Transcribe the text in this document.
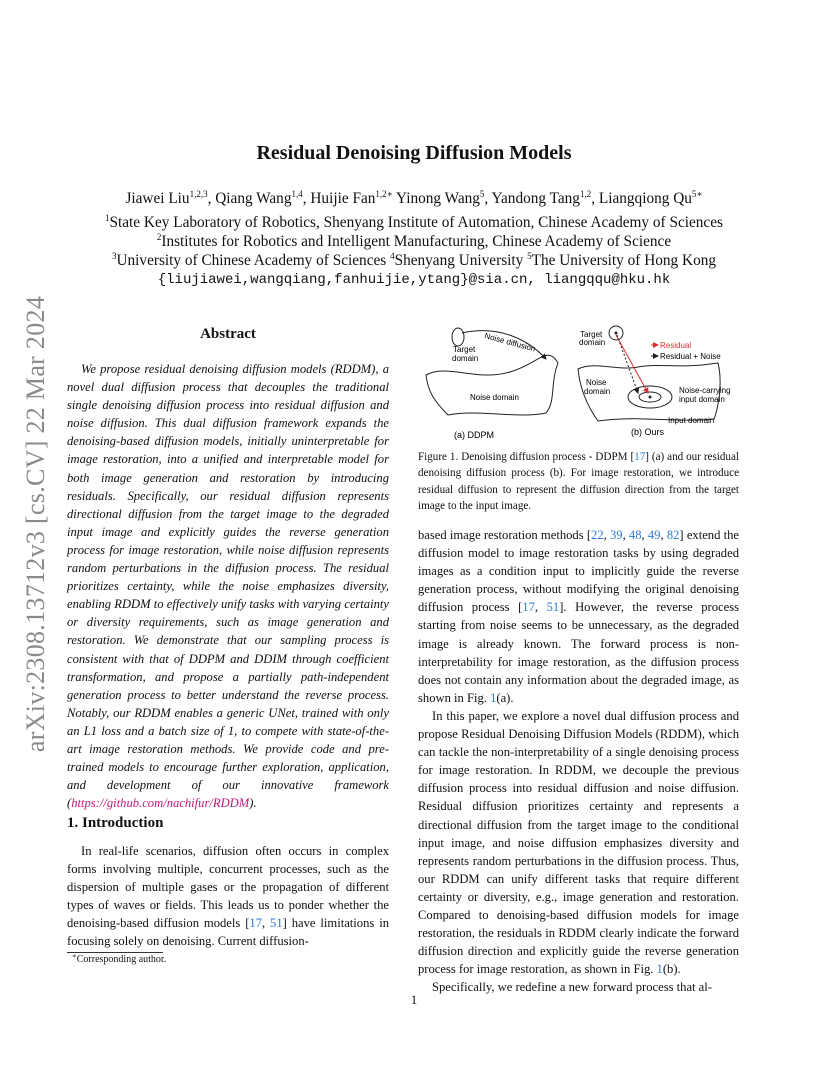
arXiv:2308.13712v3 [cs.CV] 22 Mar 2024
Residual Denoising Diffusion Models
Jiawei Liu$^{1,2,3}$, Qiang Wang$^{1,4}$, Huijie Fan$^{1,2∗}$ Yinong Wang$^5$, Yandong Tang$^{1,2}$, Liangqiong $Qu^{5∗}$
$^1$State Key Laboratory of Robotics, Shenyang Institute of Automation, Chinese Academy of Sciences
$^2$Institutes for Robotics and Intelligent Manufacturing, Chinese Academy of Science
$^3$University of Chinese Academy of Sciences $^4$Shenyang University $^5$The University of Hong Kong
{liujiawei,wangqiang,fanhuijie,ytang}@sia.cn, liangqqu@hku.hk
Abstract

We propose residual denoising diffusion models (RDDM), a novel dual diffusion process that decouples the traditional single denoising diffusion process into residual diffusion and noise diffusion. This dual diffusion framework expands the denoising-based diffusion models, initially uninterpretable for image restoration, into a unified and interpretable model for both image generation and restoration by introducing residuals. Specifically, our residual diffusion represents directional diffusion from the target image to the degraded input image and explicitly guides the reverse generation process for image restoration, while noise diffusion represents random perturbations in the diffusion process. The residual prioritizes certainty, while the noise emphasizes diversity, enabling RDDM to effectively unify tasks with varying certainty or diversity requirements, such as image generation and restoration. We demonstrate that our sampling process is consistent with that of DDPM and DDIM through coefficient transformation, and propose a partially path-independent generation process to better understand the reverse process. Notably, our RDDM enables a generic UNet, trained with only an L1 loss and a batch size of 1, to compete with state-of-the-art image restoration methods. We provide code and pre-trained models to encourage further exploration, application, and development of our innovative framework (https://github.com/nachifur/RDDM).

1. Introduction

In real-life scenarios, diffusion often occurs in complex forms involving multiple, concurrent processes, such as the dispersion of multiple gases or the propagation of different types of waves or fields. This leads us to ponder whether the denoising-based diffusion models [17, 51] have limitations in focusing solely on denoising. Current diffusion-

∗Corresponding author.
Target
domain
Noise diffusion
Noise domain
(a) DDPM
Target
domain	Residual
Residual + Noise
Noise
domain	Noise-carrying
input domain
Input domain
(b) Ours

Figure 1. Denoising diffusion process - DDPM [17] (a) and our residual denoising diffusion process (b). For image restoration, we introduce residual diffusion to represent the diffusion direction from the target image to the input image.

based image restoration methods [22, 39, 48, 49, 82] extend the diffusion model to image restoration tasks by using degraded images as a condition input to implicitly guide the reverse generation process, without modifying the original denoising diffusion process [17, 51]. However, the reverse process starting from noise seems to be unnecessary, as the degraded image is already known. The forward process is non-interpretability for image restoration, as the diffusion process does not contain any information about the degraded image, as shown in Fig. 1(a).

In this paper, we explore a novel dual diffusion process and propose Residual Denoising Diffusion Models (RDDM), which can tackle the non-interpretability of a single denoising process for image restoration. In RDDM, we decouple the previous diffusion process into residual diffusion and noise diffusion. Residual diffusion prioritizes certainty and represents a directional diffusion from the target image to the conditional input image, and noise diffusion emphasizes diversity and represents random perturbations in the diffusion process. Thus, our RDDM can unify different tasks that require different certainty or diversity, e.g., image generation and restoration. Compared to denoising-based diffusion models for image restoration, the residuals in RDDM clearly indicate the forward diffusion direction and explicitly guide the reverse generation process for image restoration, as shown in Fig. 1(b).

Specifically, we redefine a new forward process that al-

1
